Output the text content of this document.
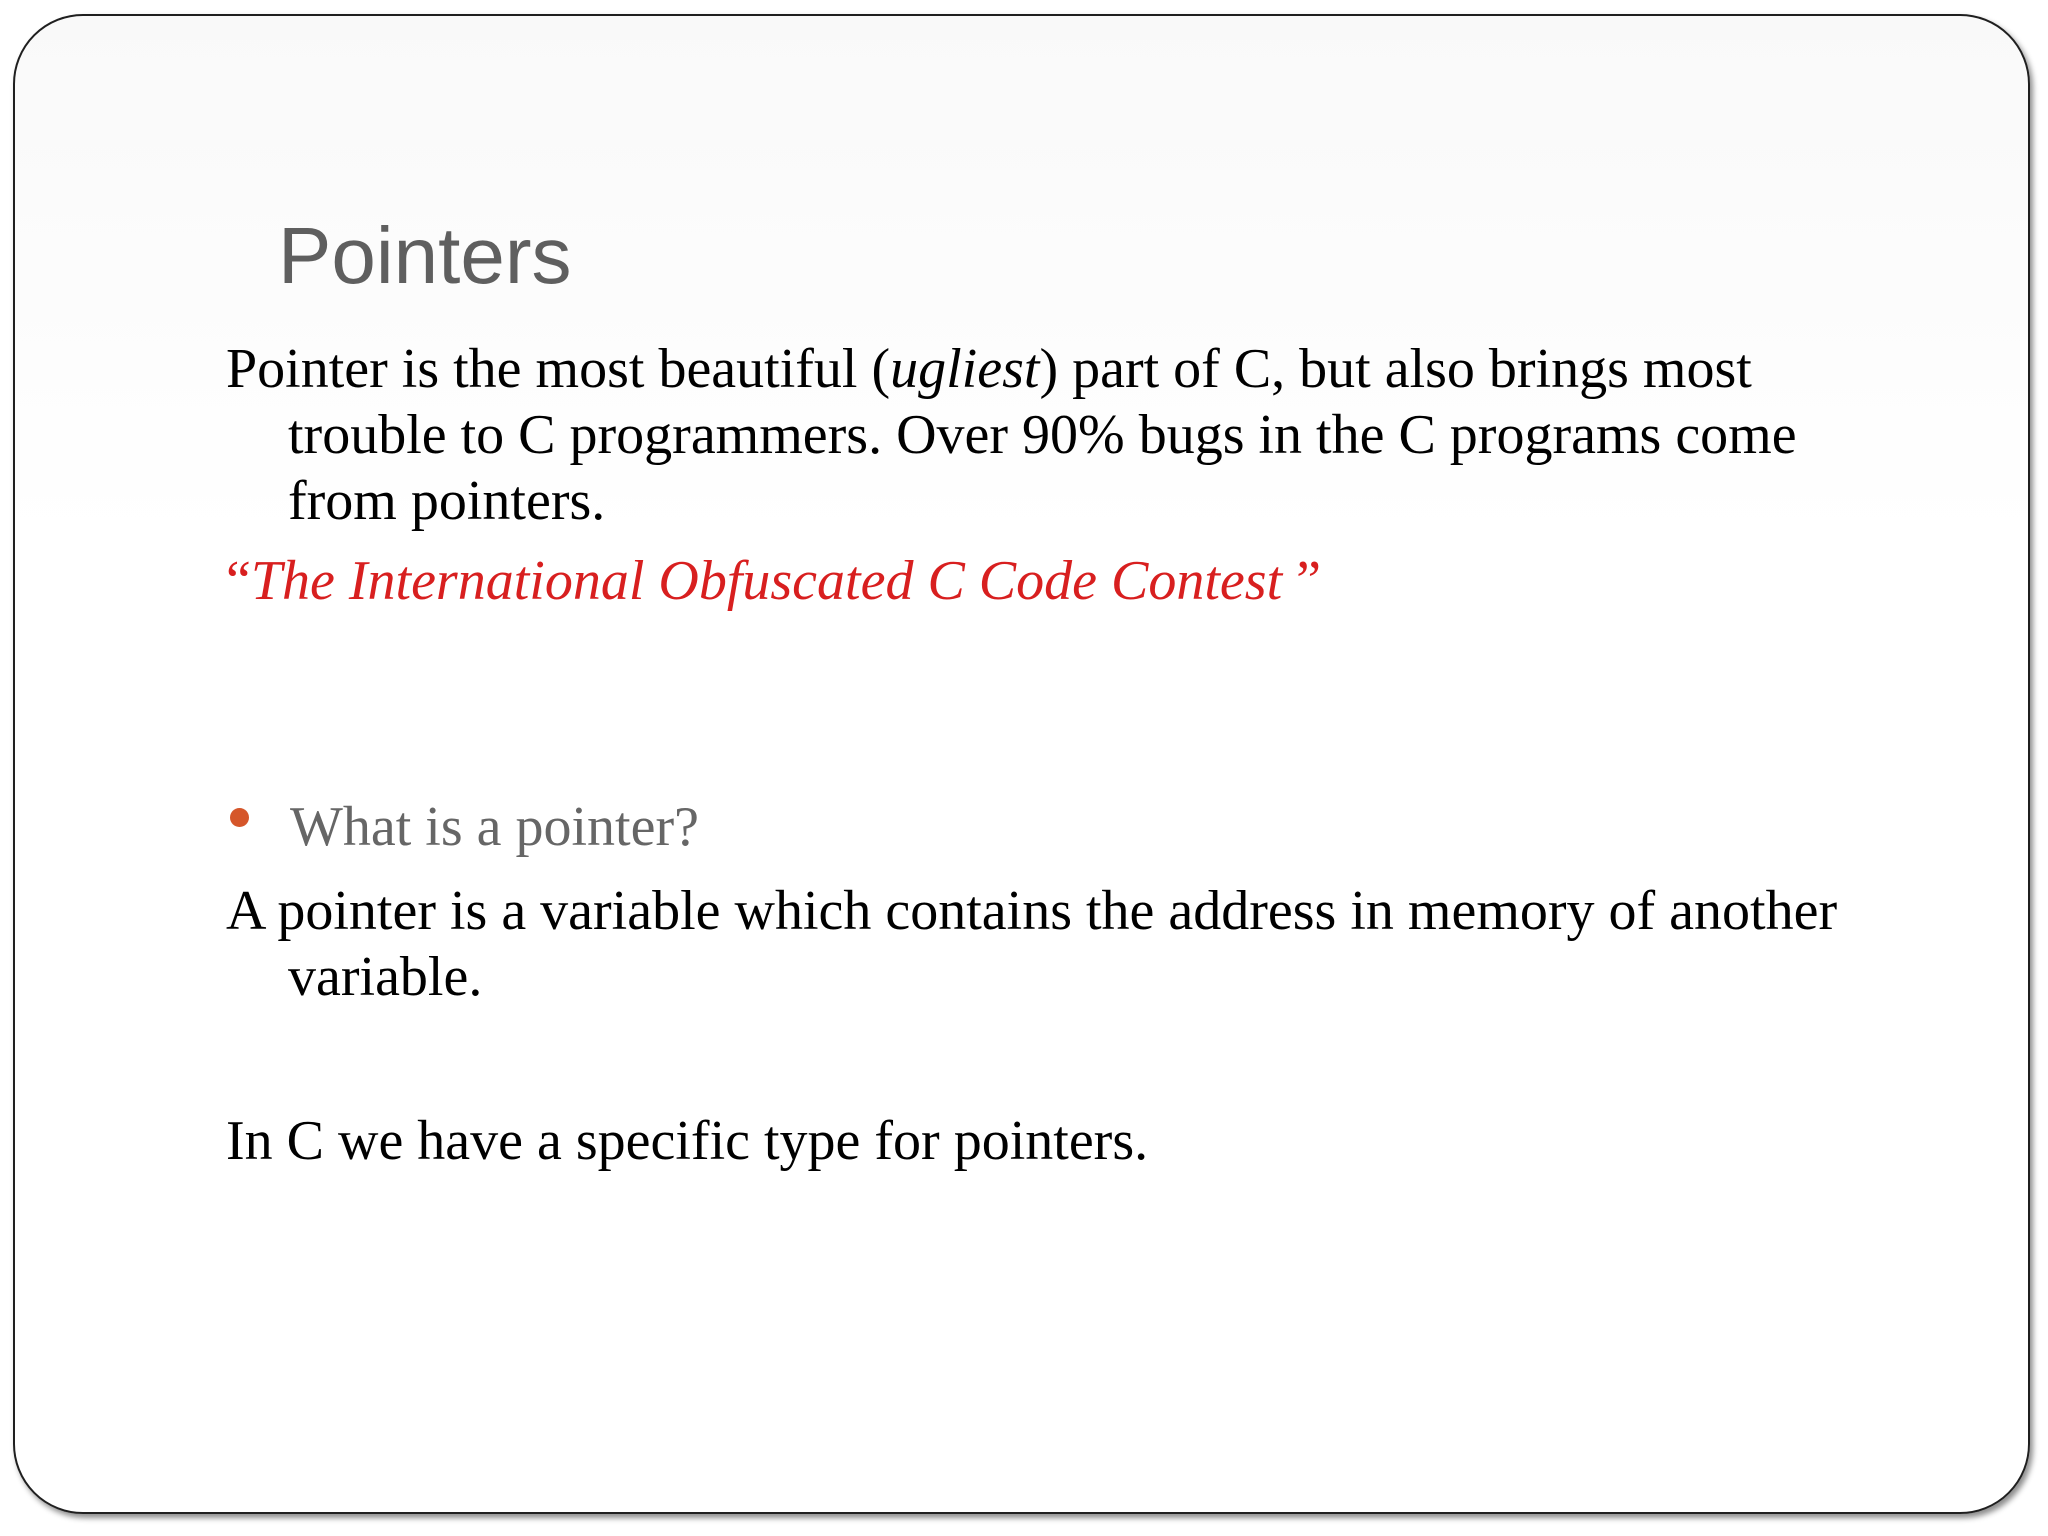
Pointers
Pointer is the most beautiful (ugliest) part of C, but also brings most trouble to C programmers. Over 90% bugs in the C programs come from pointers.
“The International Obfuscated C Code Contest ”
What is a pointer?
A pointer is a variable which contains the address in memory of another variable.
In C we have a specific type for pointers.
